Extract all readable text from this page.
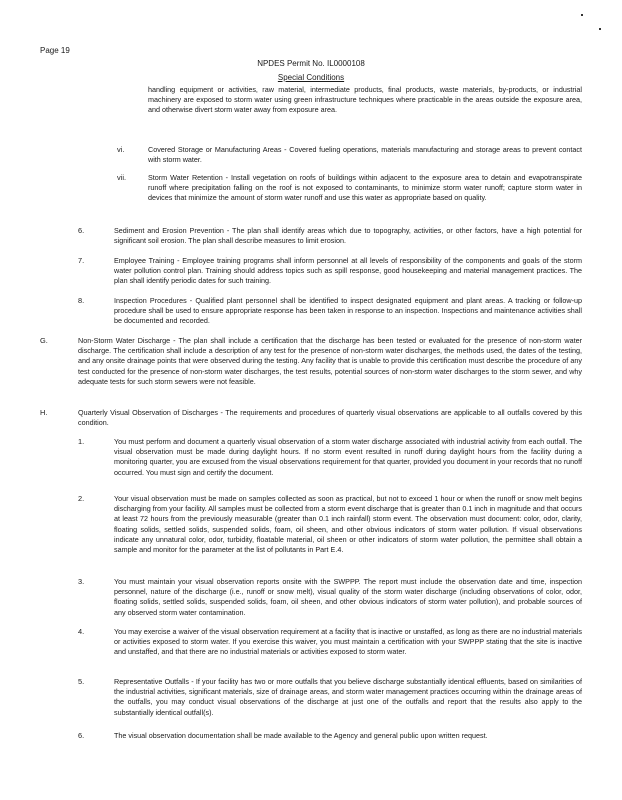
Page 19
NPDES Permit No. IL0000108
Special Conditions
handling equipment or activities, raw material, intermediate products, final products, waste materials, by-products, or industrial machinery are exposed to storm water using green infrastructure techniques where practicable in the areas outside the exposure area, and otherwise divert storm water away from exposure area.
vi.	Covered Storage or Manufacturing Areas - Covered fueling operations, materials manufacturing and storage areas to prevent contact with storm water.
vii.	Storm Water Retention - Install vegetation on roofs of buildings within adjacent to the exposure area to detain and evapotranspirate runoff where precipitation falling on the roof is not exposed to contaminants, to minimize storm water runoff; capture storm water in devices that minimize the amount of storm water runoff and use this water as appropriate based on quality.
6.	Sediment and Erosion Prevention - The plan shall identify areas which due to topography, activities, or other factors, have a high potential for significant soil erosion. The plan shall describe measures to limit erosion.
7.	Employee Training - Employee training programs shall inform personnel at all levels of responsibility of the components and goals of the storm water pollution control plan. Training should address topics such as spill response, good housekeeping and material management practices. The plan shall identify periodic dates for such training.
8.	Inspection Procedures - Qualified plant personnel shall be identified to inspect designated equipment and plant areas. A tracking or follow-up procedure shall be used to ensure appropriate response has been taken in response to an inspection. Inspections and maintenance activities shall be documented and recorded.
G.	Non-Storm Water Discharge - The plan shall include a certification that the discharge has been tested or evaluated for the presence of non-storm water discharge. The certification shall include a description of any test for the presence of non-storm water discharges, the methods used, the dates of the testing, and any onsite drainage points that were observed during the testing. Any facility that is unable to provide this certification must describe the procedure of any test conducted for the presence of non-storm water discharges, the test results, potential sources of non-storm water discharges to the storm sewer, and why adequate tests for such storm sewers were not feasible.
H.	Quarterly Visual Observation of Discharges - The requirements and procedures of quarterly visual observations are applicable to all outfalls covered by this condition.
1.	You must perform and document a quarterly visual observation of a storm water discharge associated with industrial activity from each outfall. The visual observation must be made during daylight hours. If no storm event resulted in runoff during daylight hours from the facility during a monitoring quarter, you are excused from the visual observations requirement for that quarter, provided you document in your records that no runoff occurred. You must sign and certify the document.
2.	Your visual observation must be made on samples collected as soon as practical, but not to exceed 1 hour or when the runoff or snow melt begins discharging from your facility. All samples must be collected from a storm event discharge that is greater than 0.1 inch in magnitude and that occurs at least 72 hours from the previously measurable (greater than 0.1 inch rainfall) storm event. The observation must document: color, odor, clarity, floating solids, settled solids, suspended solids, foam, oil sheen, and other obvious indicators of storm water pollution. If visual observations indicate any unnatural color, odor, turbidity, floatable material, oil sheen or other indicators of storm water pollution, the permittee shall obtain a sample and monitor for the parameter at the list of pollutants in Part E.4.
3.	You must maintain your visual observation reports onsite with the SWPPP. The report must include the observation date and time, inspection personnel, nature of the discharge (i.e., runoff or snow melt), visual quality of the storm water discharge (including observations of color, odor, floating solids, settled solids, suspended solids, foam, oil sheen, and other obvious indicators of storm water pollution), and probable sources of any observed storm water contamination.
4.	You may exercise a waiver of the visual observation requirement at a facility that is inactive or unstaffed, as long as there are no industrial materials or activities exposed to storm water. If you exercise this waiver, you must maintain a certification with your SWPPP stating that the site is inactive and unstaffed, and that there are no industrial materials or activities exposed to storm water.
5.	Representative Outfalls - If your facility has two or more outfalls that you believe discharge substantially identical effluents, based on similarities of the industrial activities, significant materials, size of drainage areas, and storm water management practices occurring within the drainage areas of the outfalls, you may conduct visual observations of the discharge at just one of the outfalls and report that the results also apply to the substantially identical outfall(s).
6.	The visual observation documentation shall be made available to the Agency and general public upon written request.
